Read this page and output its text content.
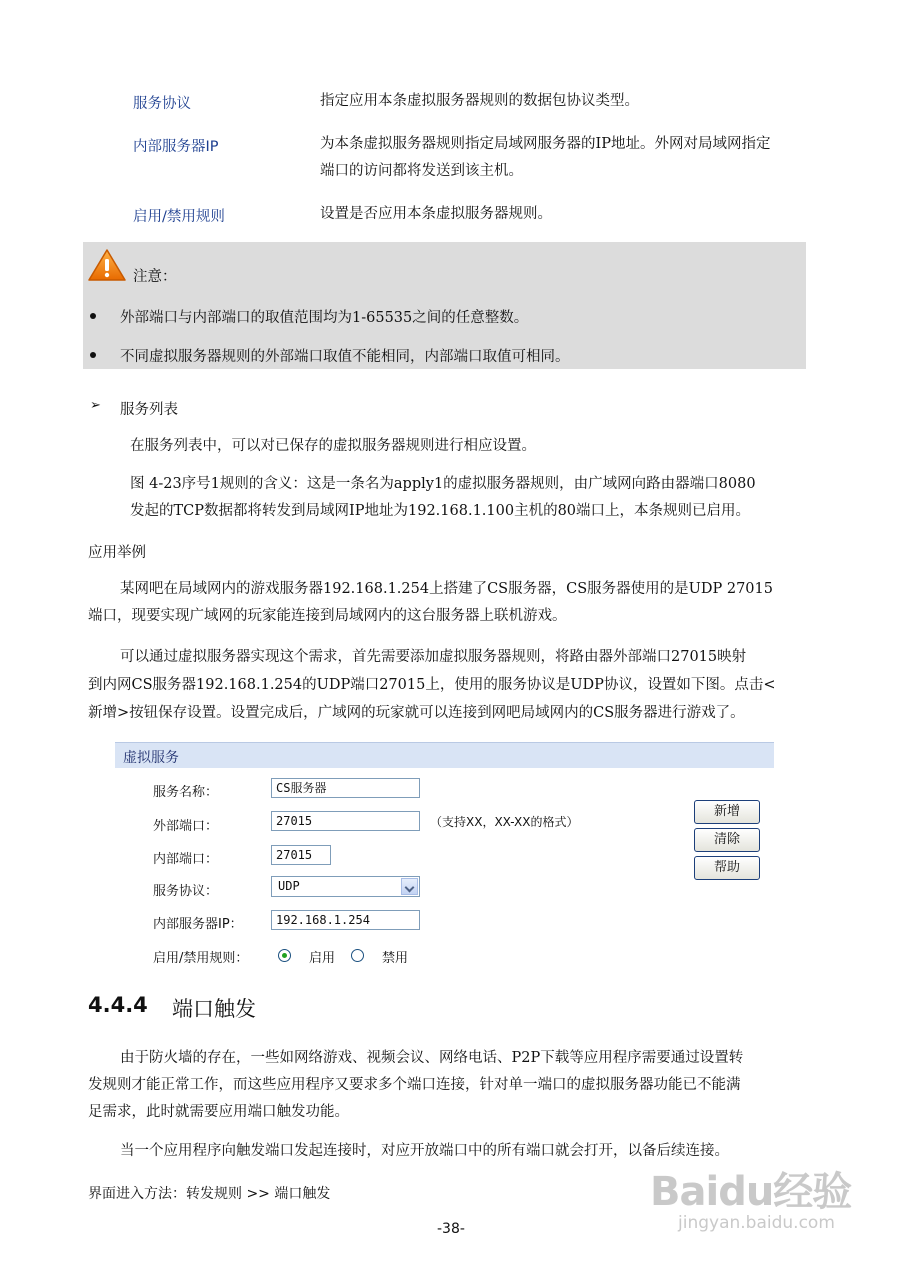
服务协议	指定应用本条虚拟服务器规则的数据包协议类型。
内部服务器IP	为本条虚拟服务器规则指定局域网服务器的IP地址。外网对局域网指定
端口的访问都将发送到该主机。
启用/禁用规则	设置是否应用本条虚拟服务器规则。
注意：
外部端口与内部端口的取值范围均为1-65535之间的任意整数。
不同虚拟服务器规则的外部端口取值不能相同，内部端口取值可相同。
➢ 服务列表
在服务列表中，可以对已保存的虚拟服务器规则进行相应设置。
图 4-23序号1规则的含义：这是一条名为apply1的虚拟服务器规则，由广域网向路由器端口8080
发起的TCP数据都将转发到局域网IP地址为192.168.1.100主机的80端口上，本条规则已启用。
应用举例
某网吧在局域网内的游戏服务器192.168.1.254上搭建了CS服务器，CS服务器使用的是UDP 27015
端口，现要实现广域网的玩家能连接到局域网内的这台服务器上联机游戏。
可以通过虚拟服务器实现这个需求，首先需要添加虚拟服务器规则，将路由器外部端口27015映射
到内网CS服务器192.168.1.254的UDP端口27015上，使用的服务协议是UDP协议，设置如下图。点击<
新增>按钮保存设置。设置完成后，广域网的玩家就可以连接到网吧局域网内的CS服务器进行游戏了。
虚拟服务
服务名称：	CS服务器
外部端口：	27015	（支持XX，XX-XX的格式）
内部端口：	27015
服务协议：	UDP
内部服务器IP：	192.168.1.254
启用/禁用规则：	启用	禁用
新增
清除
帮助
4.4.4 端口触发
由于防火墙的存在，一些如网络游戏、视频会议、网络电话、P2P下载等应用程序需要通过设置转
发规则才能正常工作，而这些应用程序又要求多个端口连接，针对单一端口的虚拟服务器功能已不能满
足需求，此时就需要应用端口触发功能。
当一个应用程序向触发端口发起连接时，对应开放端口中的所有端口就会打开，以备后续连接。
界面进入方法：转发规则 >> 端口触发
-38-
Baidu经验
jingyan.baidu.com
